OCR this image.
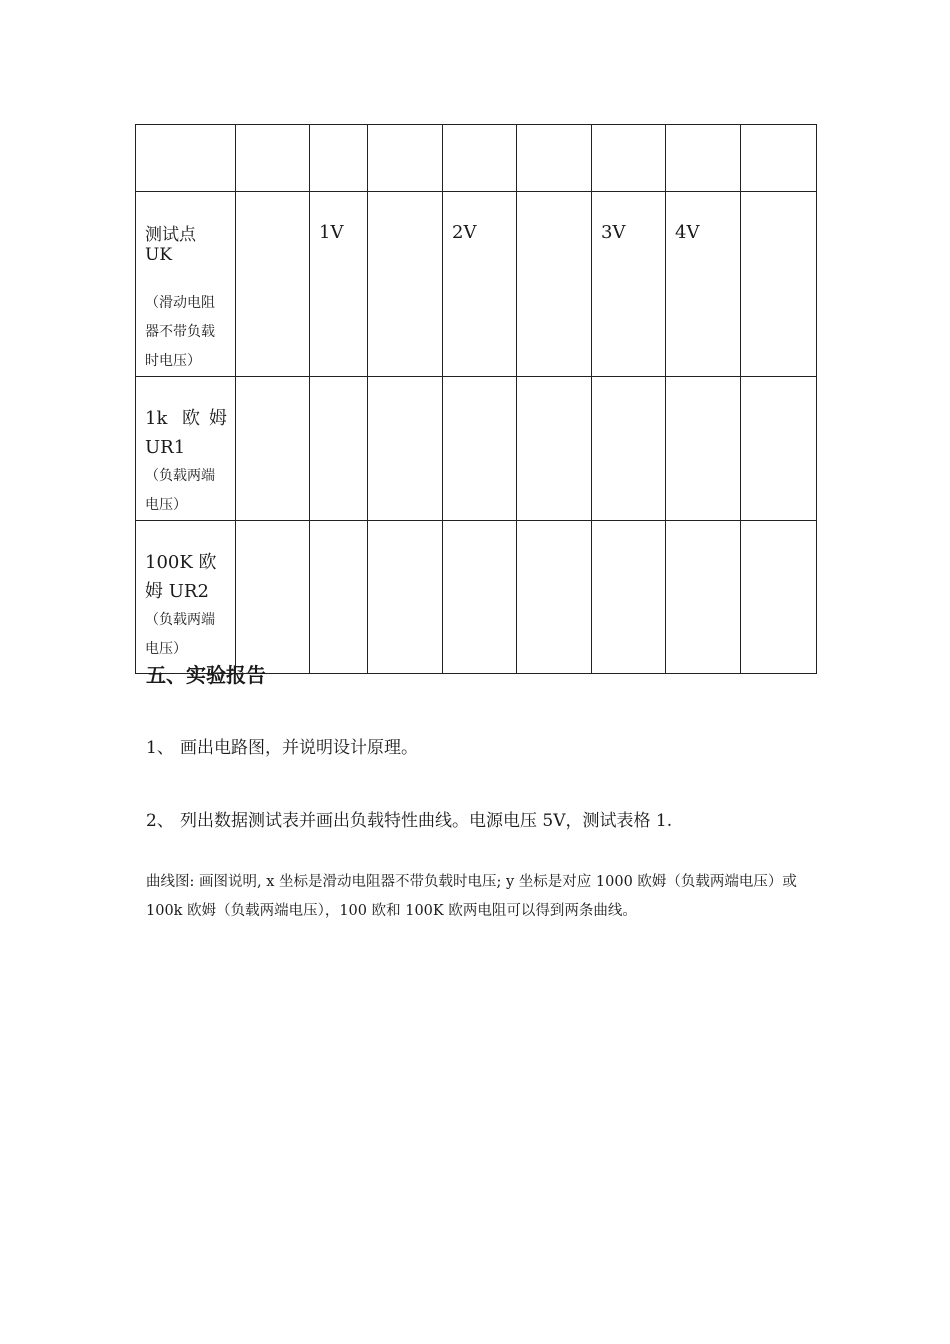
测试点 UK
（滑动电阻器不带负载时电压）		1V		2V		3V	4V	

1k 欧姆 UR1
（负载两端电压）								

100K 欧姆 UR2
（负载两端电压）								

五、实验报告
1、 画出电路图，并说明设计原理。
2、 列出数据测试表并画出负载特性曲线。电源电压 5V，测试表格 1.
曲线图: 画图说明, x 坐标是滑动电阻器不带负载时电压; y 坐标是对应 1000 欧姆（负载两端电压）或 100k 欧姆（负载两端电压），100 欧和 100K 欧两电阻可以得到两条曲线。
